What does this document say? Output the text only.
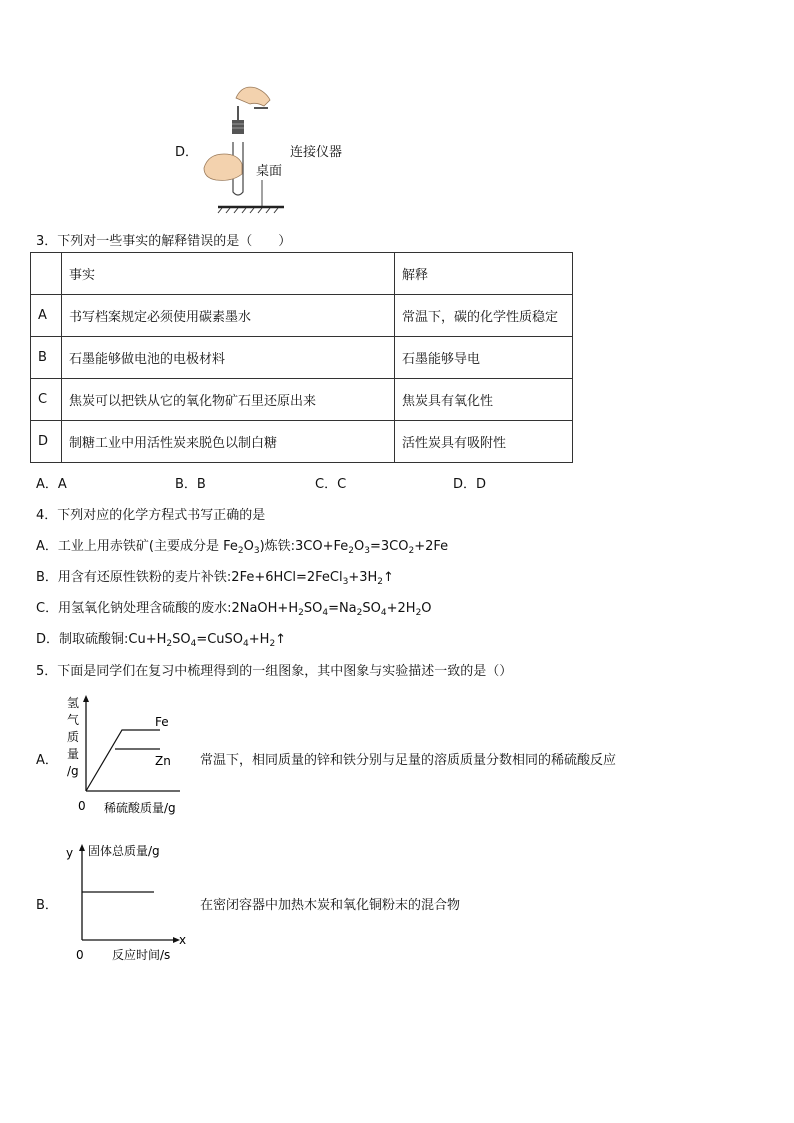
D．	连接仪器
桌面
3．下列对一些事实的解释错误的是（　　）
	事实	解释
A	书写档案规定必须使用碳素墨水	常温下，碳的化学性质稳定
B	石墨能够做电池的电极材料	石墨能够导电
C	焦炭可以把铁从它的氧化物矿石里还原出来	焦炭具有氧化性
D	制糖工业中用活性炭来脱色以制白糖	活性炭具有吸附性
A．A	B．B	C．C	D．D
4．下列对应的化学方程式书写正确的是
A．工业上用赤铁矿(主要成分是 $Fe_2O_3$)炼铁$:3CO+Fe_2O_3=3CO_2+2Fe$
B．用含有还原性铁粉的麦片补铁$:2Fe+6HCl=2FeCl_3+3H_2↑$
C．用氢氧化钠处理含硫酸的废水$:2NaOH+H_2SO_4=Na_2SO_4+2H_2O$
D．制取硫酸铜$:Cu+H_2SO_4=CuSO_4+H_2↑$
5．下面是同学们在复习中梳理得到的一组图象，其中图象与实验描述一致的是（）
A．
Fe
Zn
氢
气
质
量
/g
0 稀硫酸质量/g
常温下，相同质量的锌和铁分别与足量的溶质质量分数相同的稀硫酸反应
B．
y 固体总质量/g
x
0 反应时间/s
在密闭容器中加热木炭和氧化铜粉末的混合物
